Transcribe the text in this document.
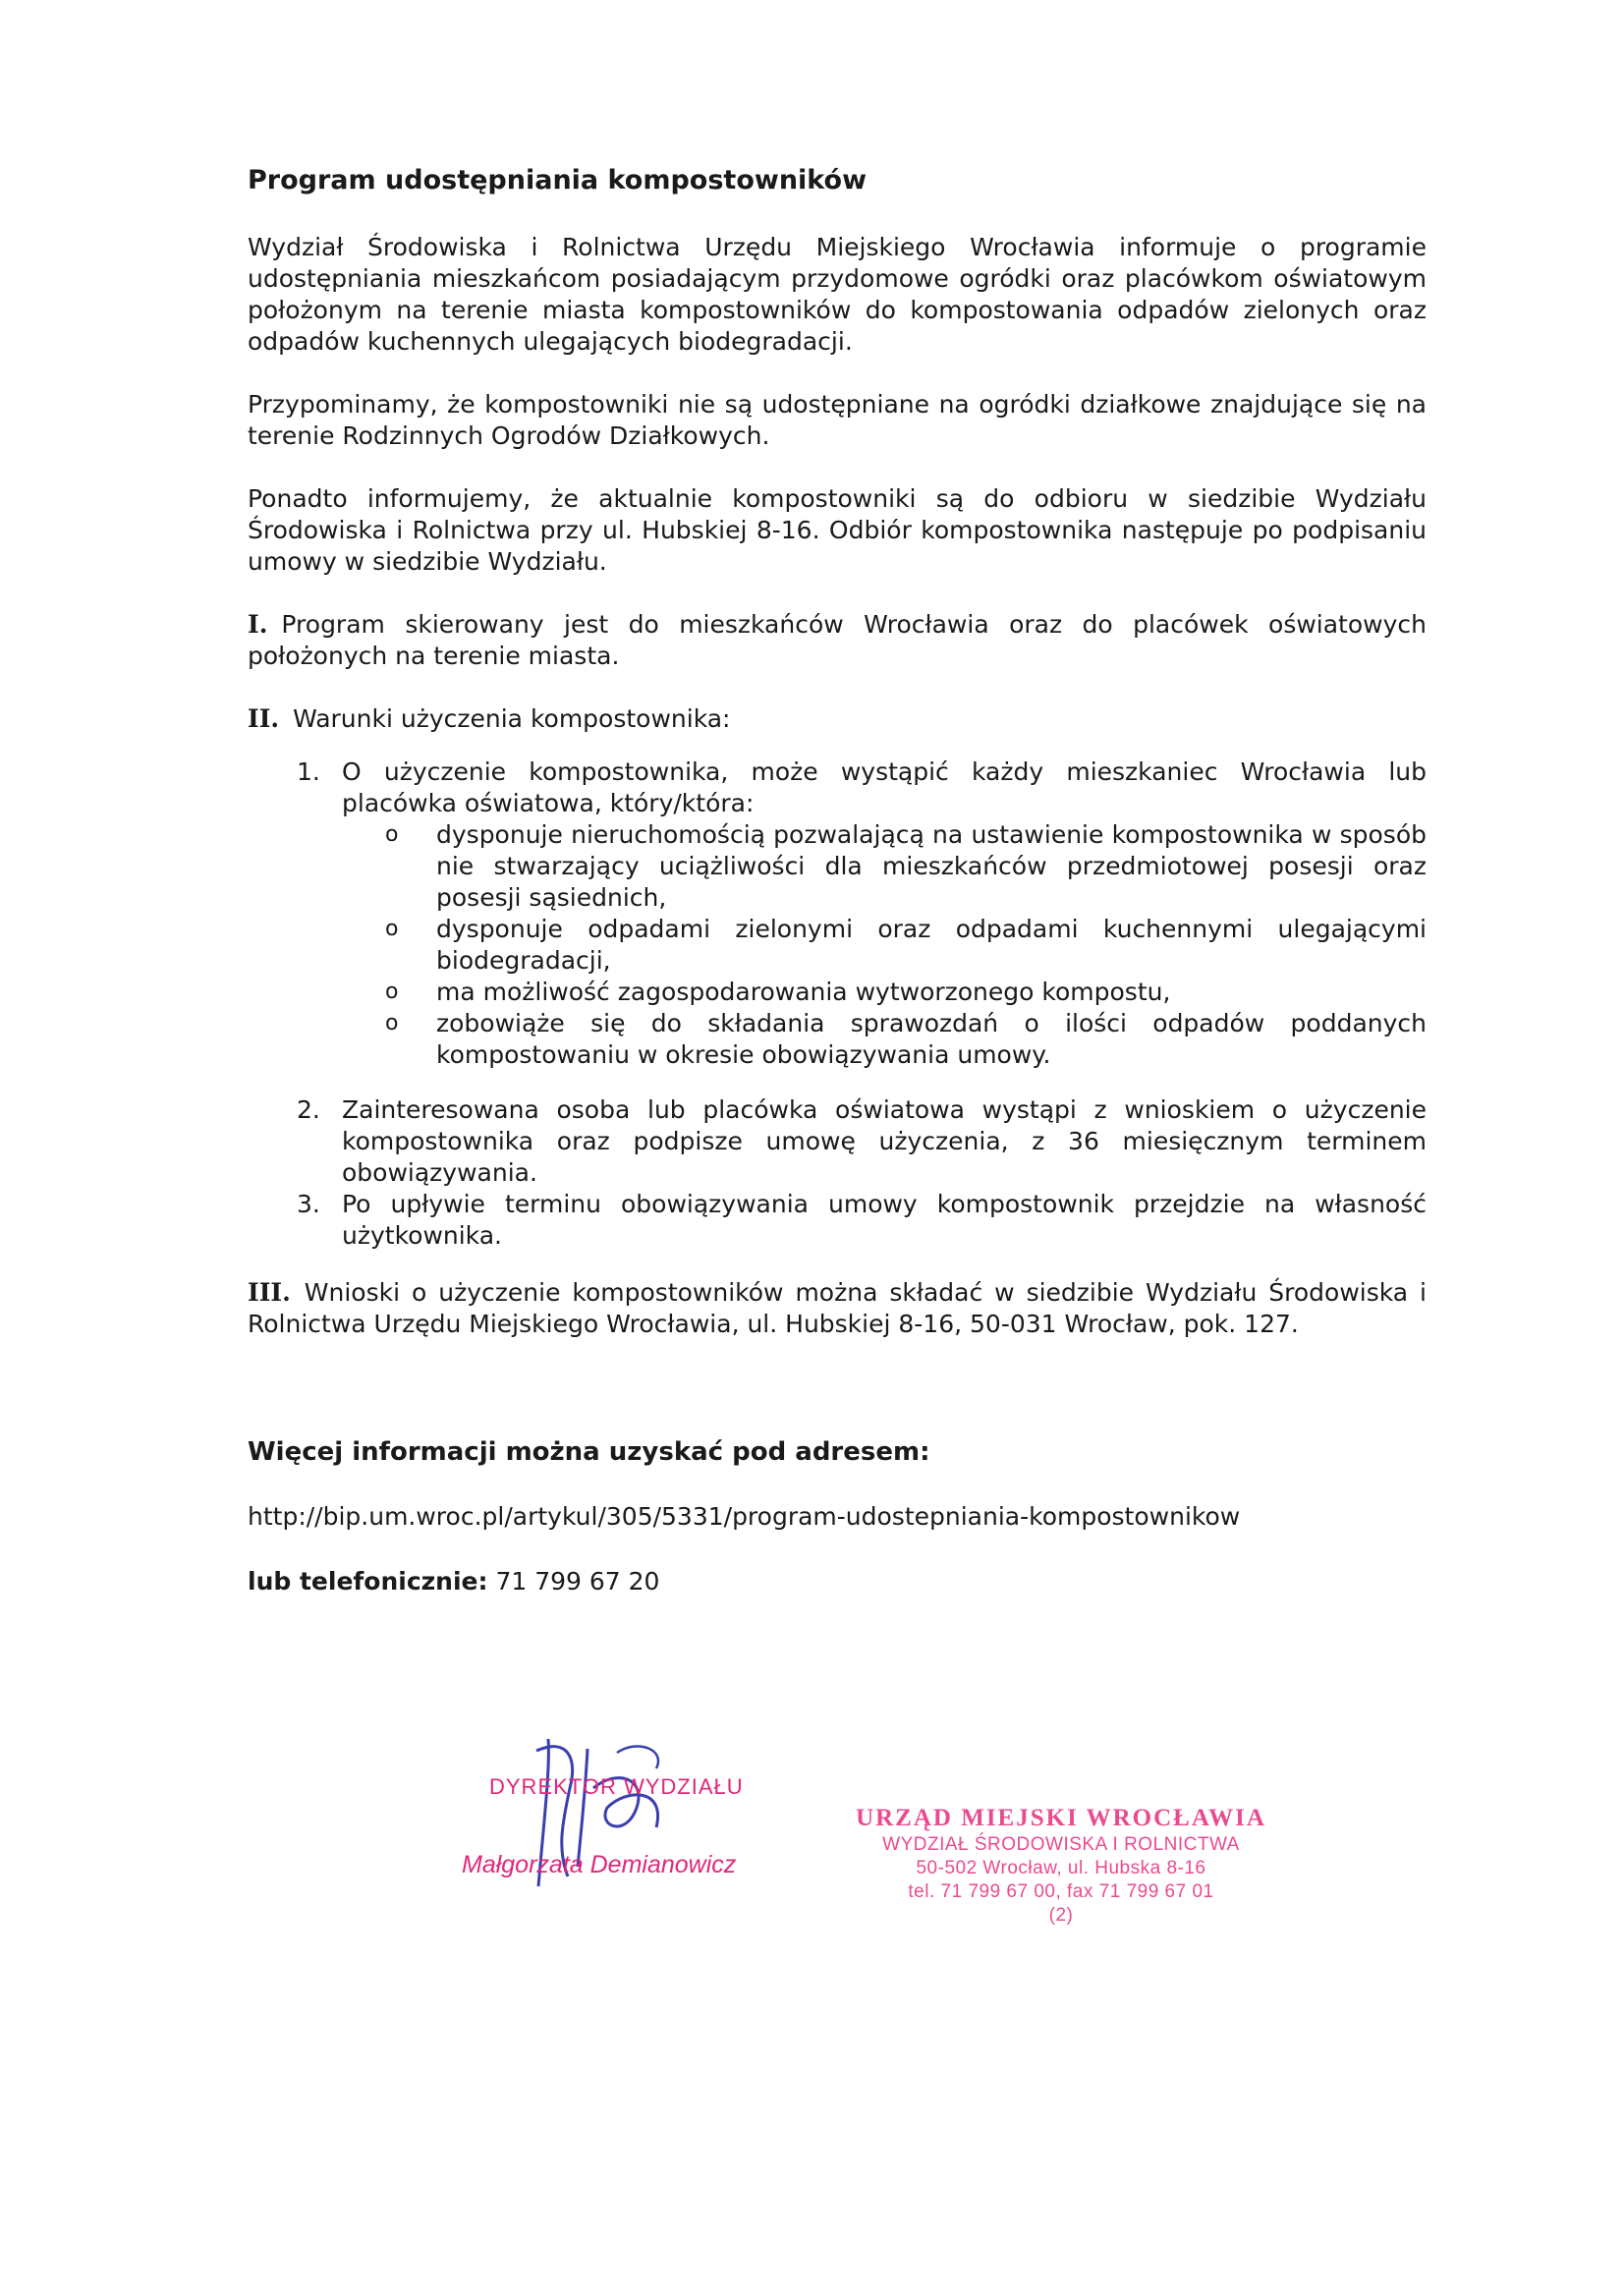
Program udostępniania kompostowników

Wydział Środowiska i Rolnictwa Urzędu Miejskiego Wrocławia informuje o programie udostępniania mieszkańcom posiadającym przydomowe ogródki oraz placówkom oświatowym położonym na terenie miasta kompostowników do kompostowania odpadów zielonych oraz odpadów kuchennych ulegających biodegradacji.

Przypominamy, że kompostowniki nie są udostępniane na ogródki działkowe znajdujące się na terenie Rodzinnych Ogrodów Działkowych.

Ponadto informujemy, że aktualnie kompostowniki są do odbioru w siedzibie Wydziału Środowiska i Rolnictwa przy ul. Hubskiej 8-16. Odbiór kompostownika następuje po podpisaniu umowy w siedzibie Wydziału.

I. Program skierowany jest do mieszkańców Wrocławia oraz do placówek oświatowych położonych na terenie miasta.

II. Warunki użyczenia kompostownika:
1. O użyczenie kompostownika, może wystąpić każdy mieszkaniec Wrocławia lub placówka oświatowa, który/która:
o dysponuje nieruchomością pozwalającą na ustawienie kompostownika w sposób nie stwarzający uciążliwości dla mieszkańców przedmiotowej posesji oraz posesji sąsiednich,
o dysponuje odpadami zielonymi oraz odpadami kuchennymi ulegającymi biodegradacji,
o ma możliwość zagospodarowania wytworzonego kompostu,
o zobowiąże się do składania sprawozdań o ilości odpadów poddanych kompostowaniu w okresie obowiązywania umowy.
2. Zainteresowana osoba lub placówka oświatowa wystąpi z wnioskiem o użyczenie kompostownika oraz podpisze umowę użyczenia, z 36 miesięcznym terminem obowiązywania.
3. Po upływie terminu obowiązywania umowy kompostownik przejdzie na własność użytkownika.

III. Wnioski o użyczenie kompostowników można składać w siedzibie Wydziału Środowiska i Rolnictwa Urzędu Miejskiego Wrocławia, ul. Hubskiej 8-16, 50-031 Wrocław, pok. 127.

Więcej informacji można uzyskać pod adresem:
http://bip.um.wroc.pl/artykul/305/5331/program-udostepniania-kompostownikow
lub telefonicznie: 71 799 67 20
DYREKTOR WYDZIAŁU
Małgorzata Demianowicz
URZĄD MIEJSKI WROCŁAWIA
WYDZIAŁ ŚRODOWISKA I ROLNICTWA
50-502 Wrocław, ul. Hubska 8-16
tel. 71 799 67 00, fax 71 799 67 01
(2)
